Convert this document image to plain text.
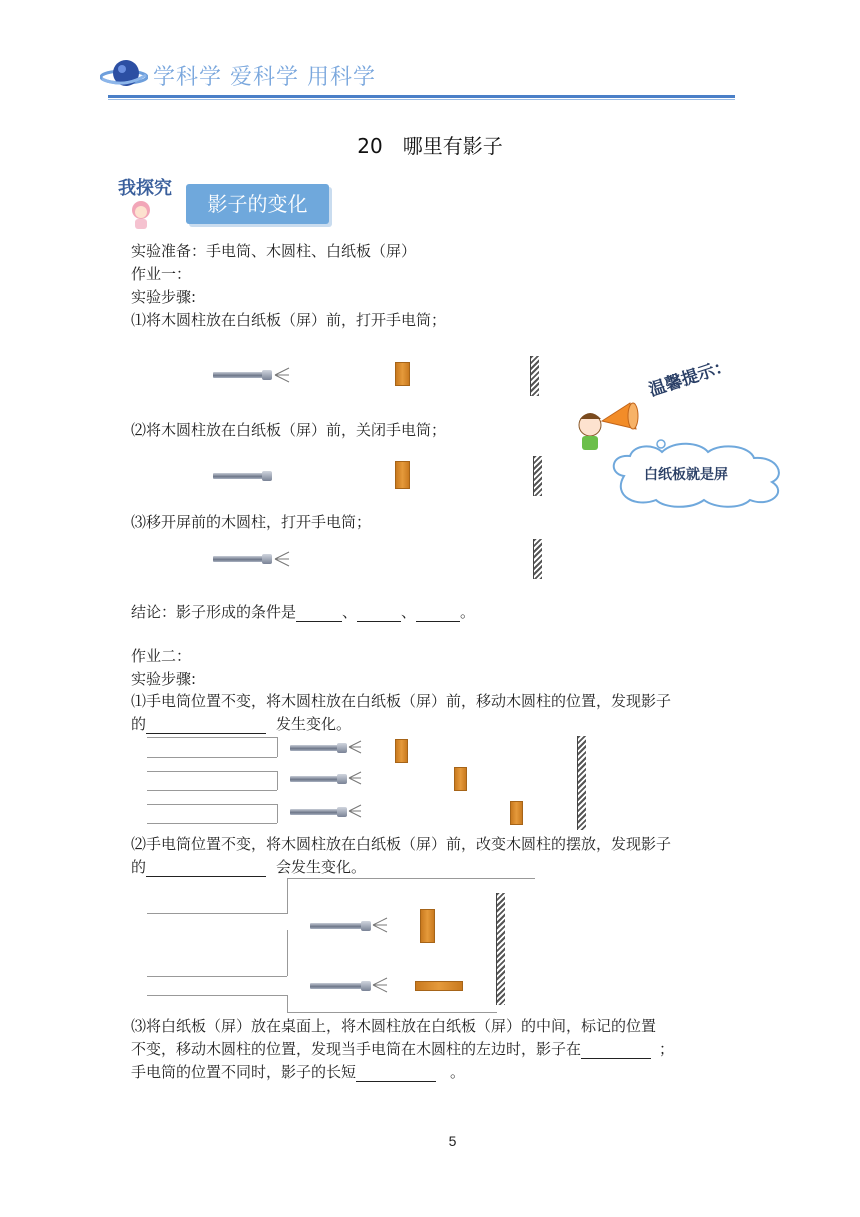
学科学 爱科学 用科学
20　哪里有影子
我探究
影子的变化
实验准备：手电筒、木圆柱、白纸板（屏）
作业一：
实验步骤:
⑴将木圆柱放在白纸板（屏）前，打开手电筒；
温馨提示：
白纸板就是屏
⑵将木圆柱放在白纸板（屏）前，关闭手电筒；
⑶移开屏前的木圆柱，打开手电筒；
结论：影子形成的条件是	、	、	。
作业二：
实验步骤:
⑴手电筒位置不变，将木圆柱放在白纸板（屏）前，移动木圆柱的位置，发现影子
的	发生变化。
⑵手电筒位置不变，将木圆柱放在白纸板（屏）前，改变木圆柱的摆放，发现影子
的	会发生变化。
⑶将白纸板（屏）放在桌面上，将木圆柱放在白纸板（屏）的中间，标记的位置
不变，移动木圆柱的位置，发现当手电筒在木圆柱的左边时，影子在	；
手电筒的位置不同时，影子的长短	。
5
